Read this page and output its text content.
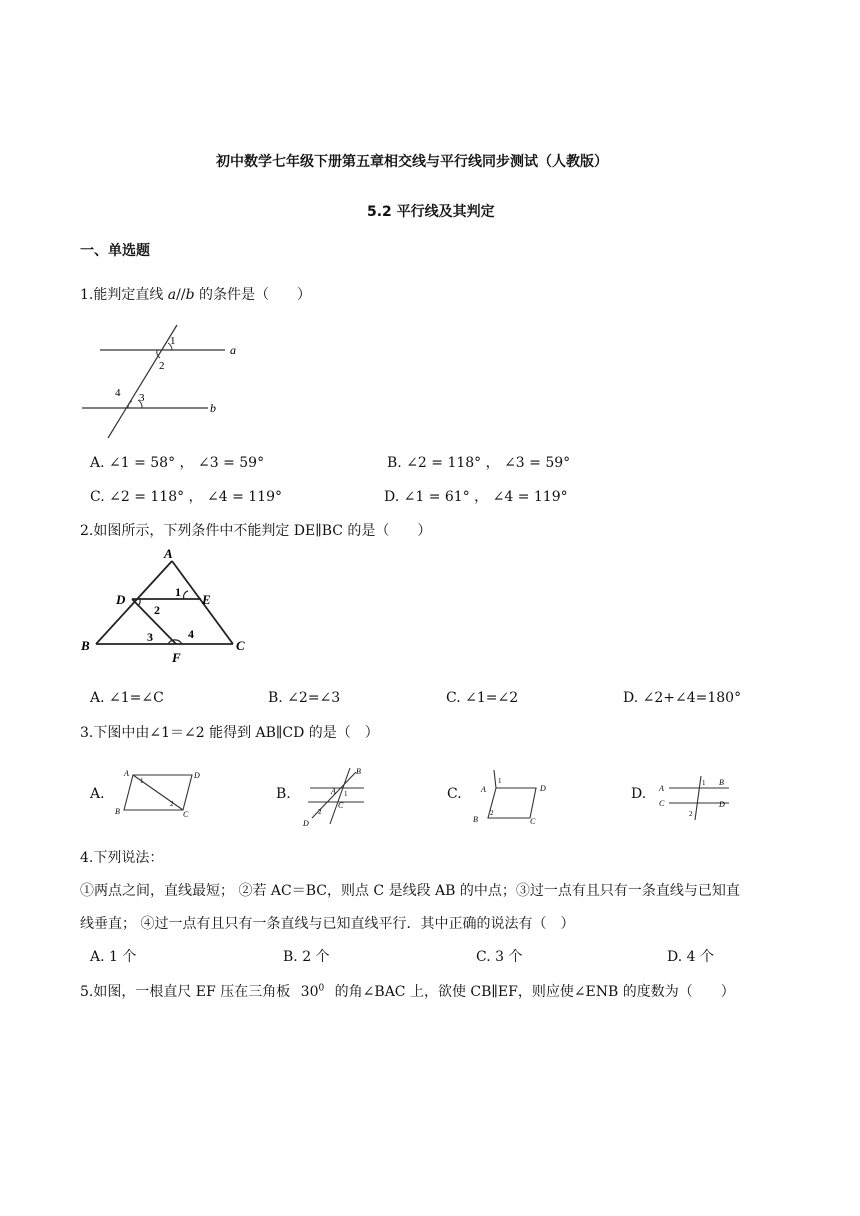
初中数学七年级下册第五章相交线与平行线同步测试（人教版）
5.2 平行线及其判定
一、单选题
1.能判定直线 𝑎//𝑏 的条件是（　　）
1
2
3
4
a
b
A. ∠1 = 58° ， ∠3 = 59°	B. ∠2 = 118° ， ∠3 = 59°
C. ∠2 = 118° ， ∠4 = 119°	D. ∠1 = 61° ， ∠4 = 119°
2.如图所示，下列条件中不能判定 DE∥BC 的是（　　）
A
B	C
D	E
F
1
2
3	4
A. ∠1=∠C	B. ∠2=∠3	C. ∠1=∠2	D. ∠2+∠4=180°
3.下图中由∠1＝∠2 能得到 AB∥CD 的是（　）
A.
A
B	C
D
1
2
B.
B
A
C
D
1
2
C. A
B	C
D
1
2
D. A
B
C	D
1
2
4.下列说法：
①两点之间，直线最短； ②若 AC＝BC，则点 C 是线段 AB 的中点；③过一点有且只有一条直线与已知直
线垂直； ④过一点有且只有一条直线与已知直线平行．其中正确的说法有（　）
A. 1 个	B. 2 个	C. 3 个	D. 4 个
5.如图，一根直尺 EF 压在三角板 $30^0$ 的角∠BAC 上，欲使 CB∥EF，则应使∠ENB 的度数为（　　）
